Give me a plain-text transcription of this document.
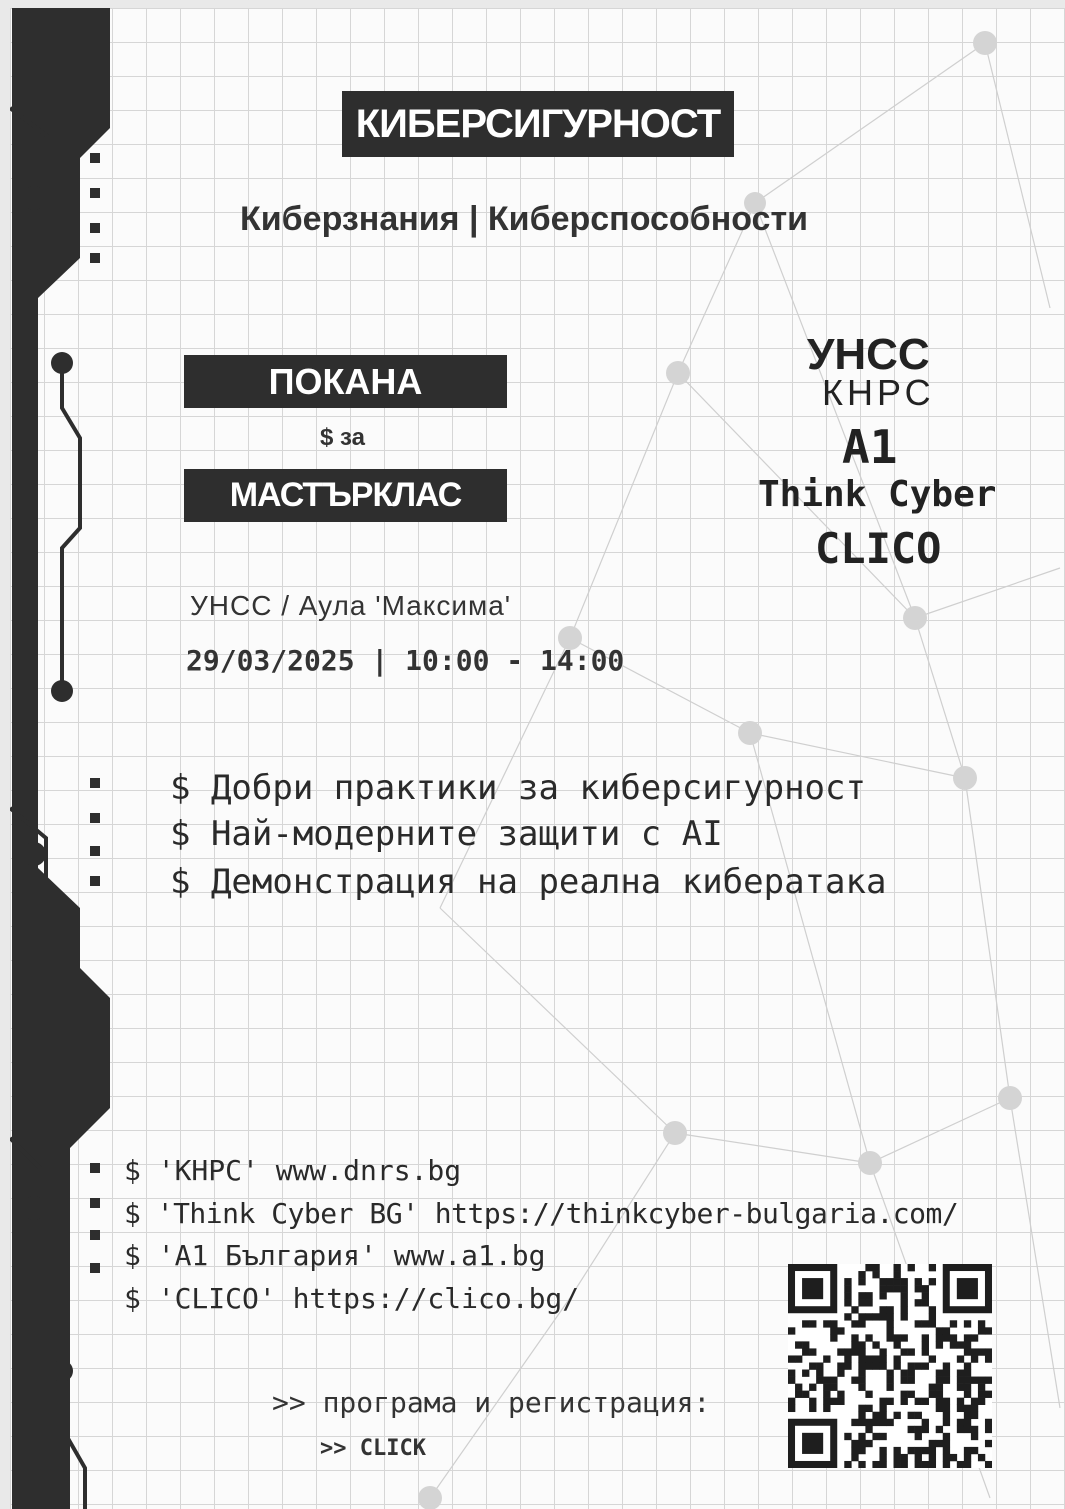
КИБЕРСИГУРНОСТ
Киберзнания | Киберспособности
ПОКАНА
$ за
МАСТЪРКЛАС
УНСС
КНРС
A1
Think Cyber
CLICO
УНСС / Аула 'Максима'
29/03/2025 | 10:00 - 14:00
$ Добри практики за киберсигурност
$ Най-модерните защити с AI
$ Демонстрация на реална кибератака
$ 'КНРС' www.dnrs.bg
$ 'Think Cyber BG' https://thinkcyber-bulgaria.com/
$ 'A1 България' www.a1.bg
$ 'CLICO' https://clico.bg/
>> програма и регистрация:
>> CLICK
